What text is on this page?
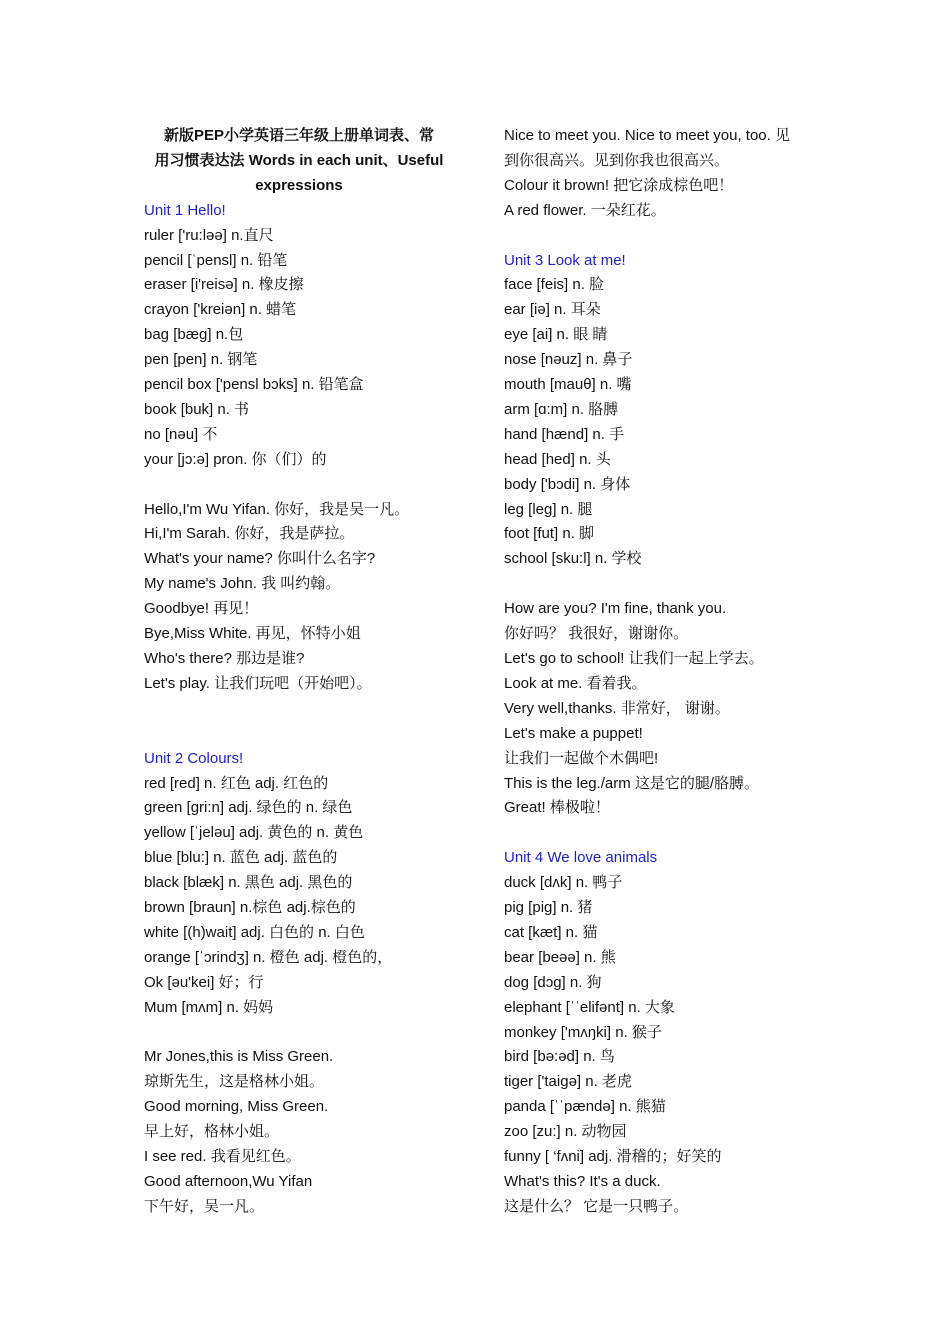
新版PEP小学英语三年级上册单词表、常
用习惯表达法 Words in each unit、Useful
expressions
Unit 1 Hello!
ruler ['ru:lǝǝ] n.直尺
pencil [ˈpensl] n. 铅笔
eraser [i'reisə] n. 橡皮擦
crayon ['kreiən] n. 蜡笔
bag [bæg] n.包
pen [pen] n. 钢笔
pencil box ['pensl bɔks] n. 铅笔盒
book [buk] n. 书
no [nəu] 不
your [jɔ:ə] pron. 你（们）的
Hello,I'm Wu Yifan. 你好，我是吴一凡。
Hi,I'm Sarah. 你好，我是萨拉。
What's your name? 你叫什么名字?
My name's John. 我 叫约翰。
Goodbye! 再见！
Bye,Miss White. 再见，怀特小姐
Who's there? 那边是谁?
Let's play. 让我们玩吧（开始吧）。
Unit 2 Colours!
red [red] n. 红色 adj. 红色的
green [gri:n] adj. 绿色的 n. 绿色
yellow [ˈjeləu] adj. 黄色的 n. 黄色
blue [blu:] n. 蓝色 adj. 蓝色的
black [blæk] n. 黑色 adj. 黑色的
brown [braun] n.棕色 adj.棕色的
white [(h)wait] adj. 白色的 n. 白色
orange [ˈɔrindʒ] n. 橙色 adj. 橙色的，
Ok [əu'kei] 好；行
Mum [mʌm] n. 妈妈
Mr Jones,this is Miss Green.
琼斯先生，这是格林小姐。
Good morning, Miss Green.
早上好，格林小姐。
I see red. 我看见红色。
Good afternoon,Wu Yifan
下午好，吴一凡。
Nice to meet you. Nice to meet you, too. 见
到你很高兴。见到你我也很高兴。
Colour it brown! 把它涂成棕色吧！
A red flower. 一朵红花。
Unit 3 Look at me!
face [feis] n. 脸
ear [iə] n. 耳朵
eye [ai] n. 眼 睛
nose [nəuz] n. 鼻子
mouth [mauθ] n. 嘴
arm [ɑ:m] n. 胳膊
hand [hænd] n. 手
head [hed] n. 头
body ['bɔdi] n. 身体
leg [leg] n. 腿
foot [fut] n. 脚
school [sku:l] n. 学校
How are you? I'm fine, thank you.
你好吗？ 我很好，谢谢你。
Let's go to school! 让我们一起上学去。
Look at me. 看着我。
Very well,thanks. 非常好， 谢谢。
Let's make a puppet!
让我们一起做个木偶吧!
This is the leg./arm 这是它的腿/胳膊。
Great! 棒极啦！
Unit 4 We love animals
duck [dʌk] n. 鸭子
pig [pig] n. 猪
cat [kæt] n. 猫
bear [beəə] n. 熊
dog [dɔg] n. 狗
elephant [ˈˈelifənt] n. 大象
monkey ['mʌŋki] n. 猴子
bird [bə:əd] n. 鸟
tiger ['taigə] n. 老虎
panda [ˈˈpændə] n. 熊猫
zoo [zu:] n. 动物园
funny [ ‘fʌni] adj. 滑稽的；好笑的
What's this? It's a duck.
这是什么？ 它是一只鸭子。
